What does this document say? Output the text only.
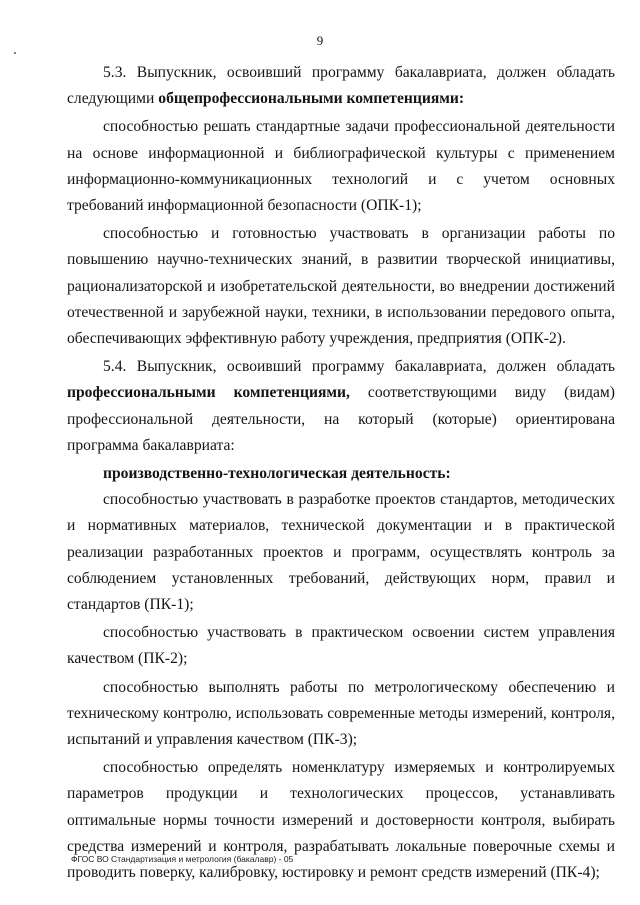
9

5.3. Выпускник, освоивший программу бакалавриата, должен обладать следующими общепрофессиональными компетенциями:

способностью решать стандартные задачи профессиональной деятельности на основе информационной и библиографической культуры с применением информационно-коммуникационных технологий и с учетом основных требований информационной безопасности (ОПК-1);

способностью и готовностью участвовать в организации работы по повышению научно-технических знаний, в развитии творческой инициативы, рационализаторской и изобретательской деятельности, во внедрении достижений отечественной и зарубежной науки, техники, в использовании передового опыта, обеспечивающих эффективную работу учреждения, предприятия (ОПК-2).

5.4. Выпускник, освоивший программу бакалавриата, должен обладать профессиональными компетенциями, соответствующими виду (видам) профессиональной деятельности, на который (которые) ориентирована программа бакалавриата:

производственно-технологическая деятельность:

способностью участвовать в разработке проектов стандартов, методических и нормативных материалов, технической документации и в практической реализации разработанных проектов и программ, осуществлять контроль за соблюдением установленных требований, действующих норм, правил и стандартов (ПК-1);

способностью участвовать в практическом освоении систем управления качеством (ПК-2);

способностью выполнять работы по метрологическому обеспечению и техническому контролю, использовать современные методы измерений, контроля, испытаний и управления качеством (ПК-3);

способностью определять номенклатуру измеряемых и контролируемых параметров продукции и технологических процессов, устанавливать оптимальные нормы точности измерений и достоверности контроля, выбирать средства измерений и контроля, разрабатывать локальные поверочные схемы и проводить поверку, калибровку, юстировку и ремонт средств измерений (ПК-4);

ФГОС ВО Стандартизация и метрология (бакалавр) - 05
